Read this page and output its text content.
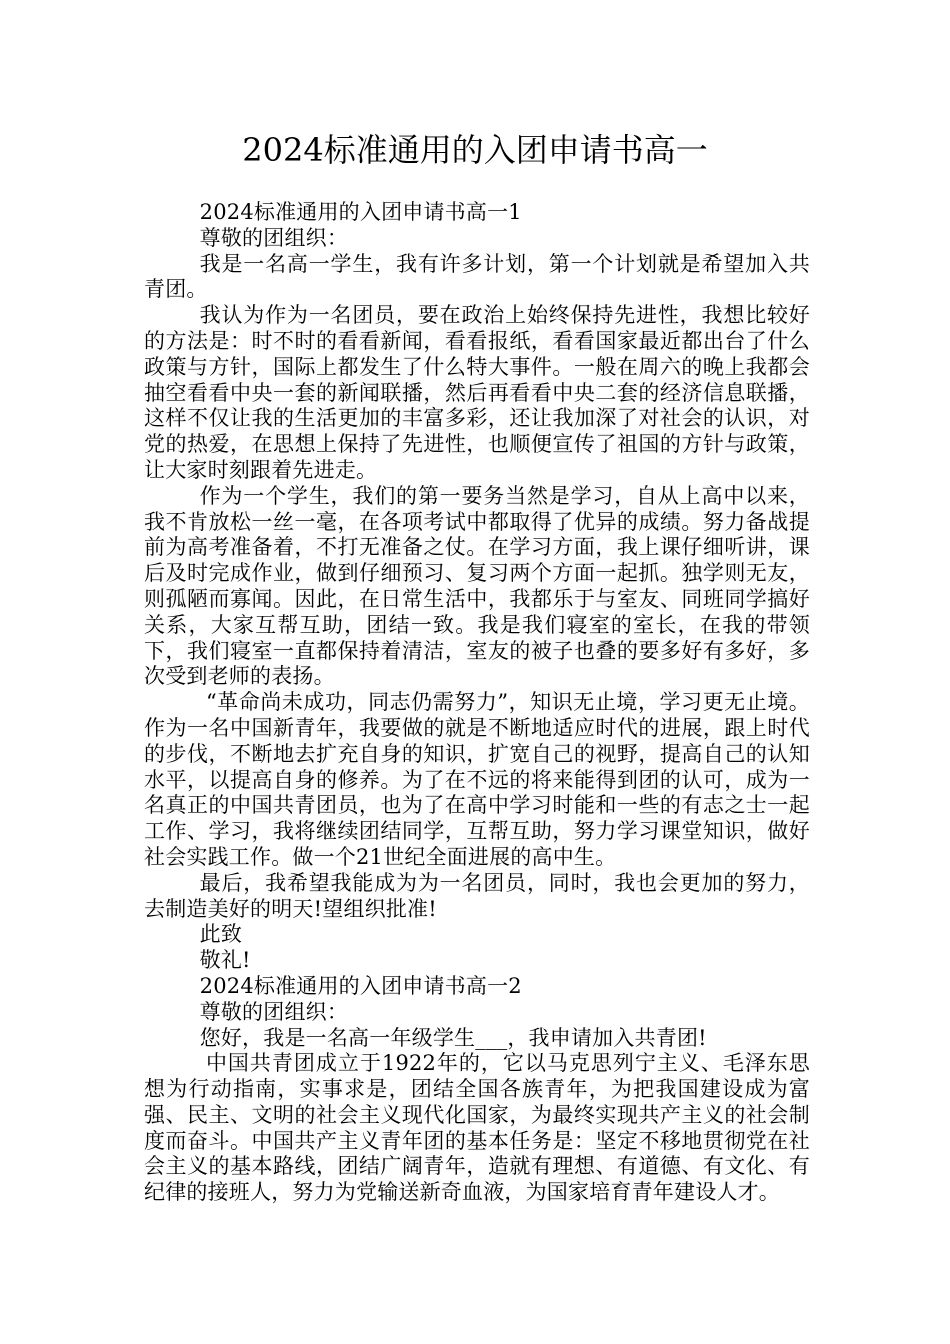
2024标准通用的入团申请书高一

2024标准通用的入团申请书高一1

尊敬的团组织：

我是一名高一学生，我有许多计划，第一个计划就是希望加入共青团。

我认为作为一名团员，要在政治上始终保持先进性，我想比较好的方法是：时不时的看看新闻，看看报纸，看看国家最近都出台了什么政策与方针，国际上都发生了什么特大事件。一般在周六的晚上我都会抽空看看中央一套的新闻联播，然后再看看中央二套的经济信息联播，这样不仅让我的生活更加的丰富多彩，还让我加深了对社会的认识，对党的热爱，在思想上保持了先进性，也顺便宣传了祖国的方针与政策，让大家时刻跟着先进走。

作为一个学生，我们的第一要务当然是学习，自从上高中以来，我不肯放松一丝一毫，在各项考试中都取得了优异的成绩。努力备战提前为高考准备着，不打无准备之仗。在学习方面，我上课仔细听讲，课后及时完成作业，做到仔细预习、复习两个方面一起抓。独学则无友，则孤陋而寡闻。因此，在日常生活中，我都乐于与室友、同班同学搞好关系，大家互帮互助，团结一致。我是我们寝室的室长，在我的带领下，我们寝室一直都保持着清洁，室友的被子也叠的要多好有多好，多次受到老师的表扬。

“革命尚未成功，同志仍需努力”，知识无止境，学习更无止境。作为一名中国新青年，我要做的就是不断地适应时代的进展，跟上时代的步伐，不断地去扩充自身的知识，扩宽自己的视野，提高自己的认知水平，以提高自身的修养。为了在不远的将来能得到团的认可，成为一名真正的中国共青团员，也为了在高中学习时能和一些的有志之士一起工作、学习，我将继续团结同学，互帮互助，努力学习课堂知识，做好社会实践工作。做一个21世纪全面进展的高中生。

最后，我希望我能成为为一名团员，同时，我也会更加的努力，去制造美好的明天!望组织批准!

此致

敬礼!

2024标准通用的入团申请书高一2

尊敬的团组织：

您好，我是一名高一年级学生___，我申请加入共青团!

中国共青团成立于1922年的，它以马克思列宁主义、毛泽东思想为行动指南，实事求是，团结全国各族青年，为把我国建设成为富强、民主、文明的社会主义现代化国家，为最终实现共产主义的社会制度而奋斗。中国共产主义青年团的基本任务是：坚定不移地贯彻党在社会主义的基本路线，团结广阔青年，造就有理想、有道德、有文化、有纪律的接班人，努力为党输送新奇血液，为国家培育青年建设人才。
